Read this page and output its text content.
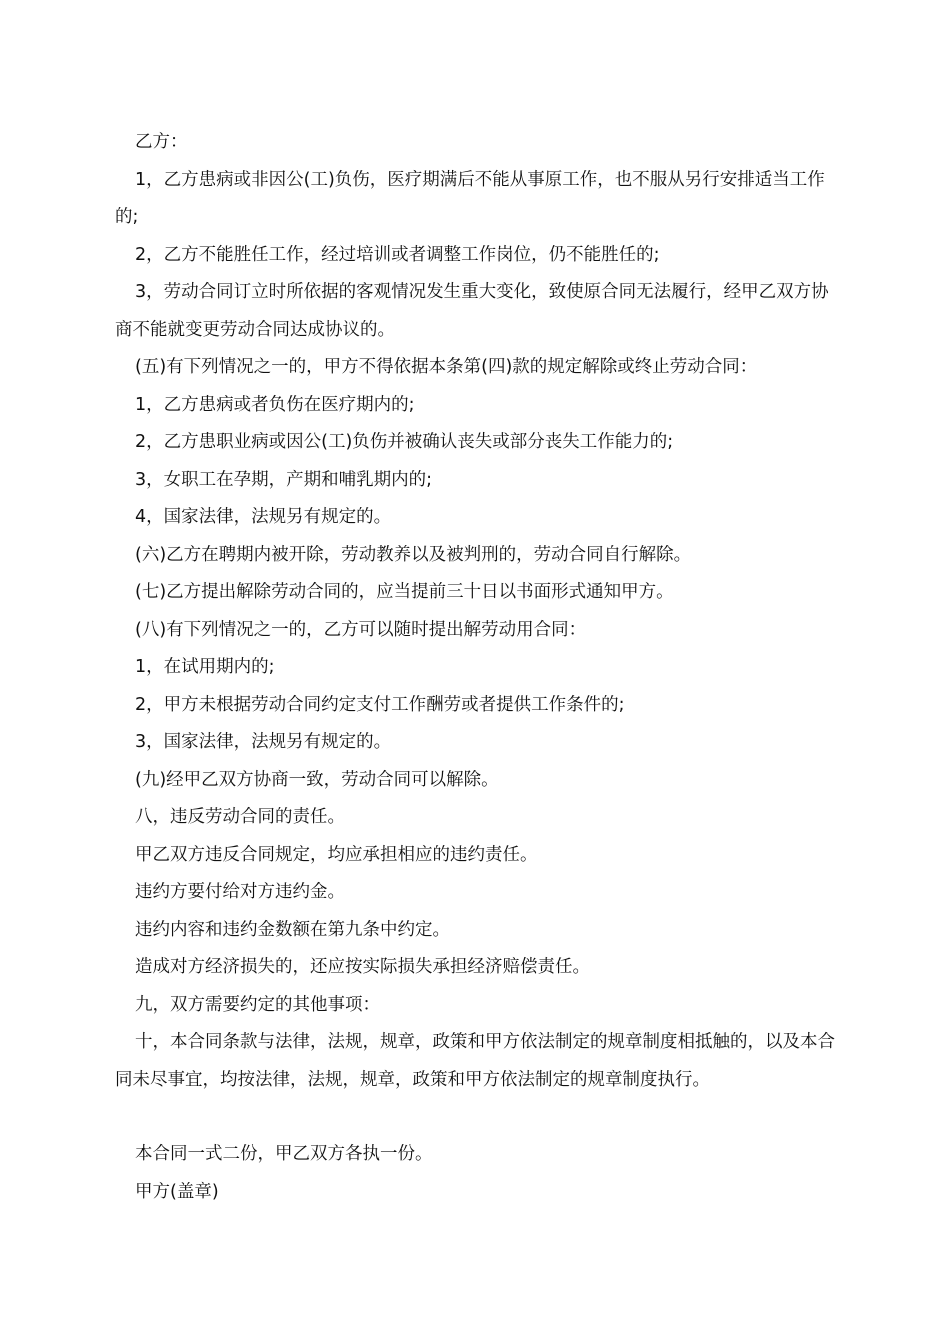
乙方：

1，乙方患病或非因公(工)负伤，医疗期满后不能从事原工作，也不服从另行安排适当工作的;

2，乙方不能胜任工作，经过培训或者调整工作岗位，仍不能胜任的;

3，劳动合同订立时所依据的客观情况发生重大变化，致使原合同无法履行，经甲乙双方协商不能就变更劳动合同达成协议的。

(五)有下列情况之一的，甲方不得依据本条第(四)款的规定解除或终止劳动合同：

1，乙方患病或者负伤在医疗期内的;

2，乙方患职业病或因公(工)负伤并被确认丧失或部分丧失工作能力的;

3，女职工在孕期，产期和哺乳期内的;

4，国家法律，法规另有规定的。

(六)乙方在聘期内被开除，劳动教养以及被判刑的，劳动合同自行解除。

(七)乙方提出解除劳动合同的，应当提前三十日以书面形式通知甲方。

(八)有下列情况之一的，乙方可以随时提出解劳动用合同：

1，在试用期内的;

2，甲方未根据劳动合同约定支付工作酬劳或者提供工作条件的;

3，国家法律，法规另有规定的。

(九)经甲乙双方协商一致，劳动合同可以解除。

八，违反劳动合同的责任。

甲乙双方违反合同规定，均应承担相应的违约责任。

违约方要付给对方违约金。

违约内容和违约金数额在第九条中约定。

造成对方经济损失的，还应按实际损失承担经济赔偿责任。

九，双方需要约定的其他事项：

十，本合同条款与法律，法规，规章，政策和甲方依法制定的规章制度相抵触的，以及本合同未尽事宜，均按法律，法规，规章，政策和甲方依法制定的规章制度执行。

本合同一式二份，甲乙双方各执一份。

甲方(盖章)
